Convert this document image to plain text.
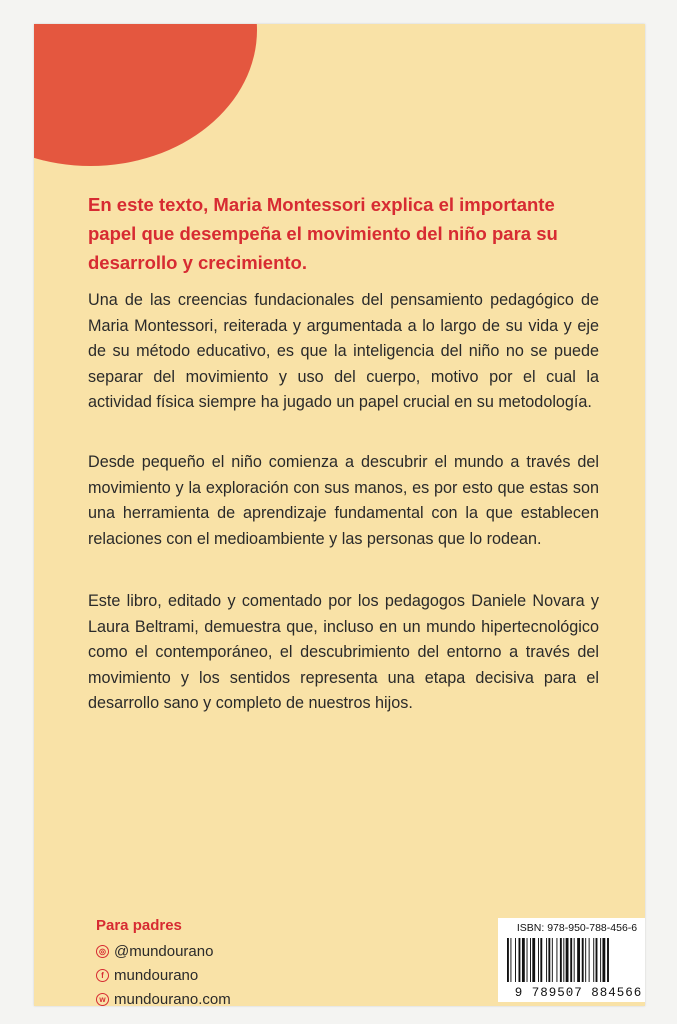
En este texto, Maria Montessori explica el importante papel que desempeña el movimiento del niño para su desarrollo y crecimiento.
Una de las creencias fundacionales del pensamiento pedagógico de Maria Montessori, reiterada y argumentada a lo largo de su vida y eje de su método educativo, es que la inteligencia del niño no se puede separar del movimiento y uso del cuerpo, motivo por el cual la actividad física siempre ha jugado un papel crucial en su metodología.
Desde pequeño el niño comienza a descubrir el mundo a través del movimiento y la exploración con sus manos, es por esto que estas son una herramienta de aprendizaje fundamental con la que establecen relaciones con el medioambiente y las personas que lo rodean.
Este libro, editado y comentado por los pedagogos Daniele Novara y Laura Beltrami, demuestra que, incluso en un mundo hipertecnológico como el contemporáneo, el descubrimiento del entorno a través del movimiento y los sentidos representa una etapa decisiva para el desarrollo sano y completo de nuestros hijos.
Para padres
◎ @mundourano
f mundourano
w mundourano.com
ISBN: 978-950-788-456-6
9 789507 884566
